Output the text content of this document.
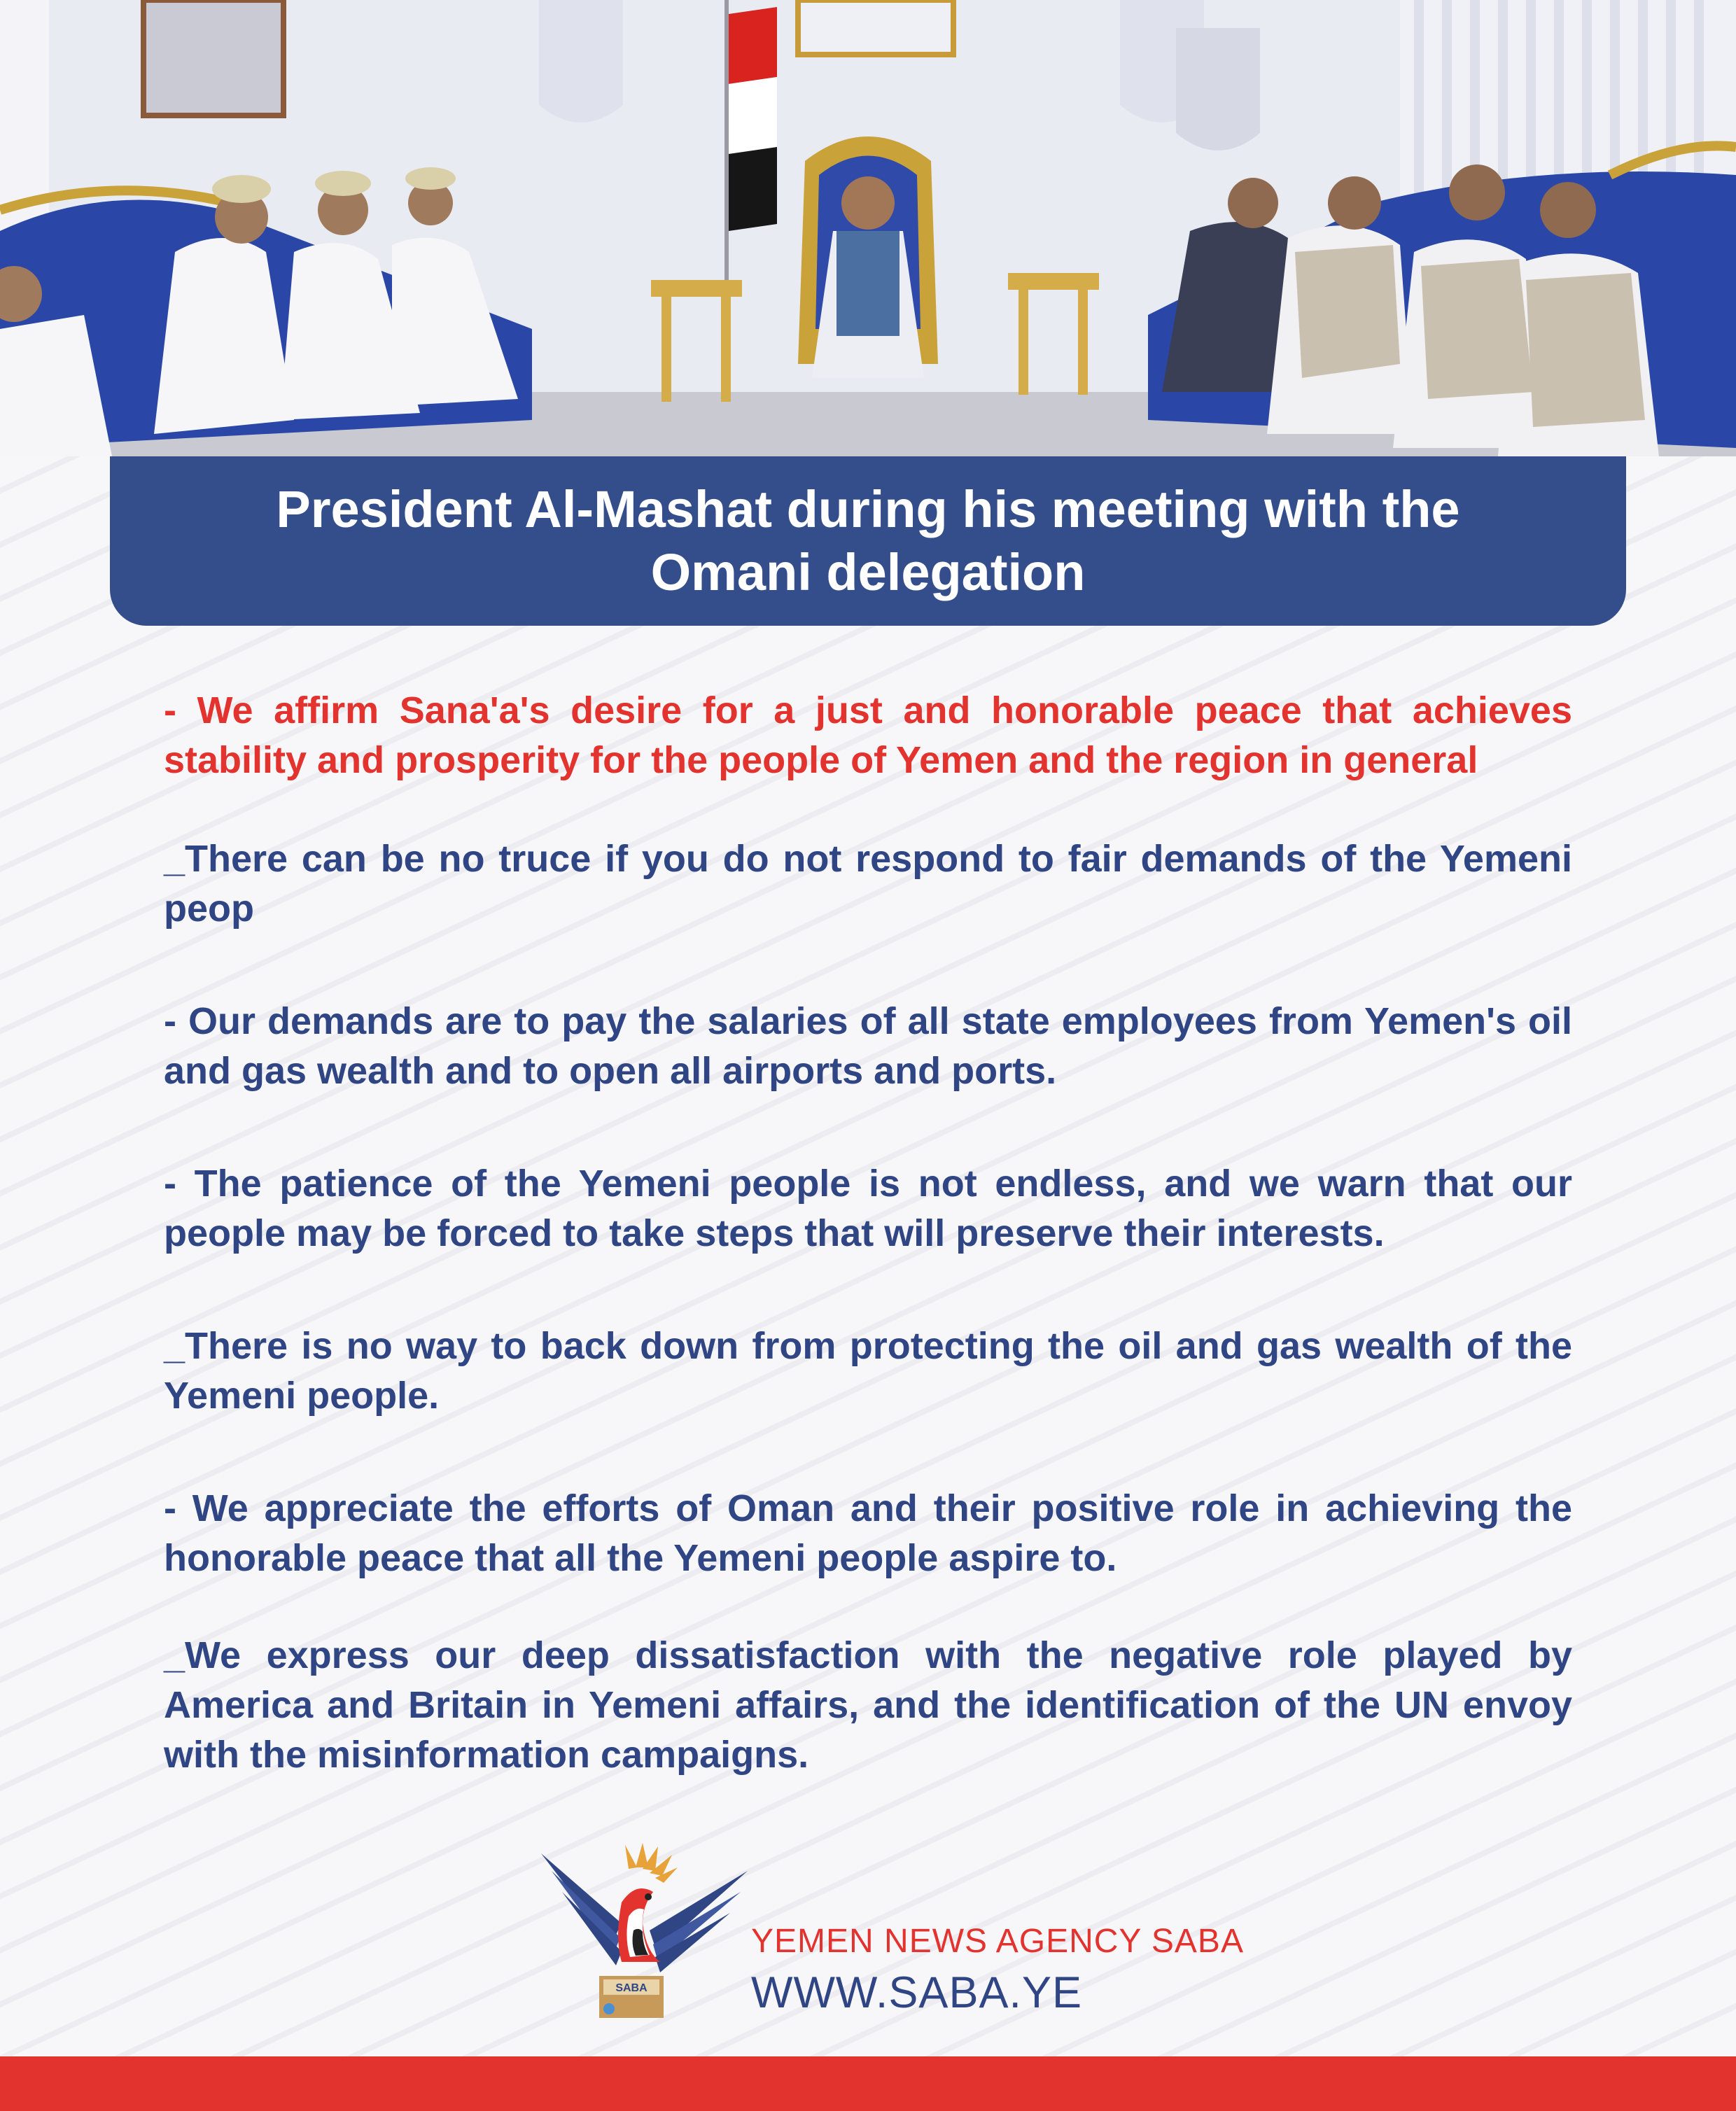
President Al-Mashat during his meeting with the
Omani delegation

- We affirm Sana'a's desire for a just and honorable peace that achieves stability and prosperity for the people of Yemen and the region in general

_There can be no truce if you do not respond to fair demands of the Yemeni peop

- Our demands are to pay the salaries of all state employees from Yemen's oil and gas wealth and to open all airports and ports.

- The patience of the Yemeni people is not endless, and we warn that our people may be forced to take steps that will preserve their interests.

_There is no way to back down from protecting the oil and gas wealth of the Yemeni people.

- We appreciate the efforts of Oman and their positive role in achieving the honorable peace that all the Yemeni people aspire to.

_We express our deep dissatisfaction with the negative role played by America and Britain in Yemeni affairs, and the identification of the UN envoy with the misinformation campaigns.

SABA
YEMEN NEWS AGENCY SABA
WWW.SABA.YE
